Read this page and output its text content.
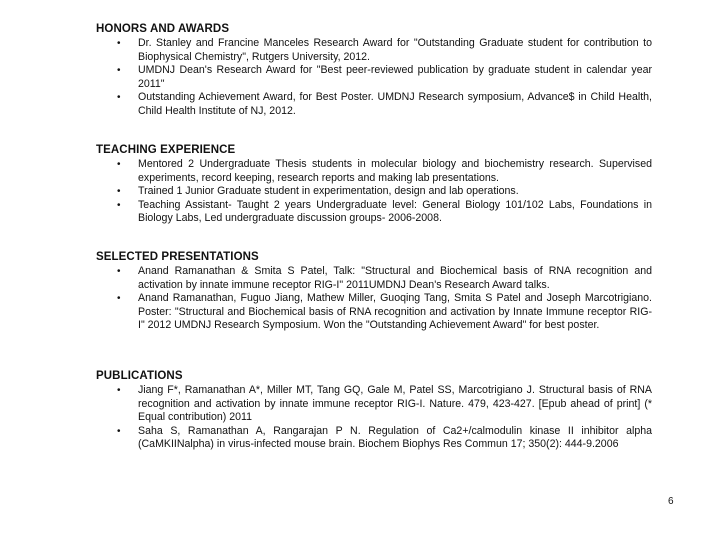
HONORS AND AWARDS
• Dr. Stanley and Francine Manceles Research Award for "Outstanding Graduate student for contribution to Biophysical Chemistry", Rutgers University, 2012.
• UMDNJ Dean's Research Award for "Best peer-reviewed publication by graduate student in calendar year 2011"
• Outstanding Achievement Award, for Best Poster. UMDNJ Research symposium, Advance$ in Child Health, Child Health Institute of NJ, 2012.
TEACHING EXPERIENCE
• Mentored 2 Undergraduate Thesis students in molecular biology and biochemistry research. Supervised experiments, record keeping, research reports and making lab presentations.
• Trained 1 Junior Graduate student in experimentation, design and lab operations.
• Teaching Assistant- Taught 2 years Undergraduate level: General Biology 101/102 Labs, Foundations in Biology Labs, Led undergraduate discussion groups- 2006-2008.
SELECTED PRESENTATIONS
• Anand Ramanathan & Smita S Patel, Talk: "Structural and Biochemical basis of RNA recognition and activation by innate immune receptor RIG-I" 2011UMDNJ Dean's Research Award talks.
• Anand Ramanathan, Fuguo Jiang, Mathew Miller, Guoqing Tang, Smita S Patel and Joseph Marcotrigiano. Poster: "Structural and Biochemical basis of RNA recognition and activation by Innate Immune receptor RIG-I" 2012 UMDNJ Research Symposium. Won the "Outstanding Achievement Award" for best poster.
PUBLICATIONS
• Jiang F*, Ramanathan A*, Miller MT, Tang GQ, Gale M, Patel SS, Marcotrigiano J. Structural basis of RNA recognition and activation by innate immune receptor RIG-I. Nature. 479, 423-427. [Epub ahead of print] (* Equal contribution) 2011
• Saha S, Ramanathan A, Rangarajan P N. Regulation of Ca2+/calmodulin kinase II inhibitor alpha (CaMKIINalpha) in virus-infected mouse brain. Biochem Biophys Res Commun 17; 350(2): 444-9.2006
6
